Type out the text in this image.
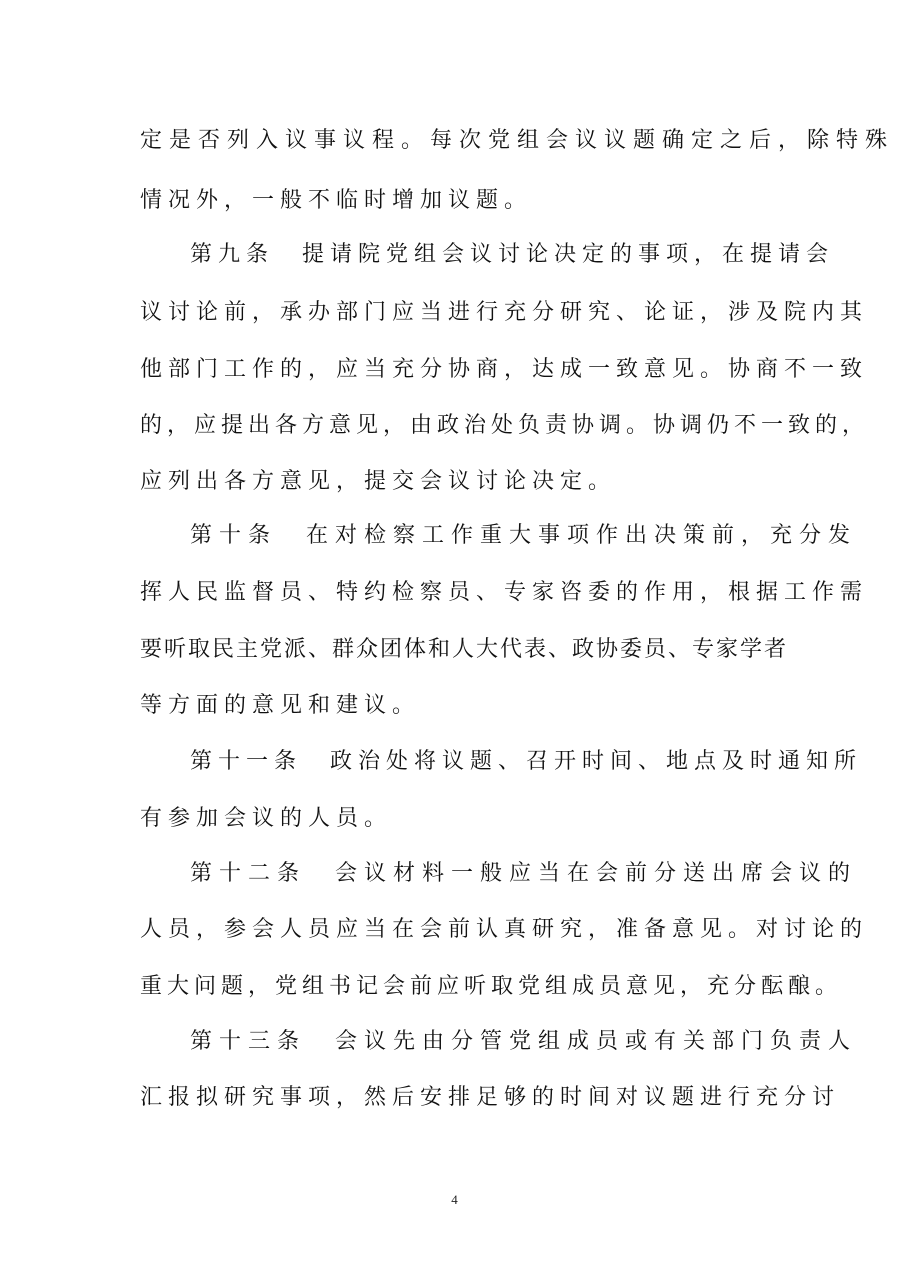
定是否列入议事议程。每次党组会议议题确定之后，除特殊
情况外，一般不临时增加议题。
第九条　提请院党组会议讨论决定的事项，在提请会
议讨论前，承办部门应当进行充分研究、论证，涉及院内其
他部门工作的，应当充分协商，达成一致意见。协商不一致
的，应提出各方意见，由政治处负责协调。协调仍不一致的，
应列出各方意见，提交会议讨论决定。
第十条　在对检察工作重大事项作出决策前，充分发
挥人民监督员、特约检察员、专家咨委的作用，根据工作需
要听取民主党派、群众团体和人大代表、政协委员、专家学者
等方面的意见和建议。
第十一条　政治处将议题、召开时间、地点及时通知所
有参加会议的人员。
第十二条　会议材料一般应当在会前分送出席会议的
人员，参会人员应当在会前认真研究，准备意见。对讨论的
重大问题，党组书记会前应听取党组成员意见，充分酝酿。
第十三条　会议先由分管党组成员或有关部门负责人
汇报拟研究事项，然后安排足够的时间对议题进行充分讨
4
